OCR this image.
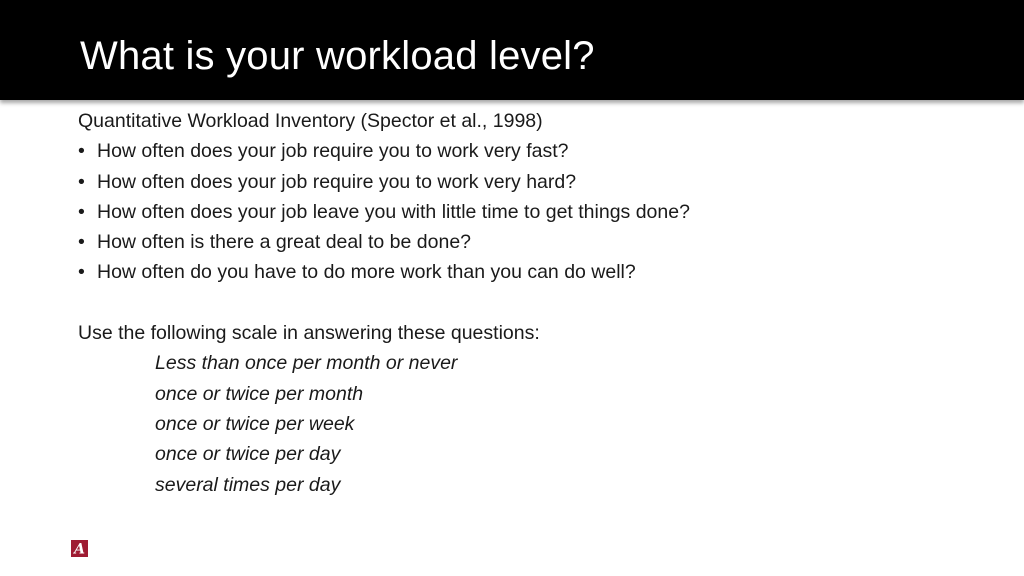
What is your workload level?
Quantitative Workload Inventory (Spector et al., 1998)
• How often does your job require you to work very fast?
• How often does your job require you to work very hard?
• How often does your job leave you with little time to get things done?
• How often is there a great deal to be done?
• How often do you have to do more work than you can do well?
Use the following scale in answering these questions:
Less than once per month or never
once or twice per month
once or twice per week
once or twice per day
several times per day
A
